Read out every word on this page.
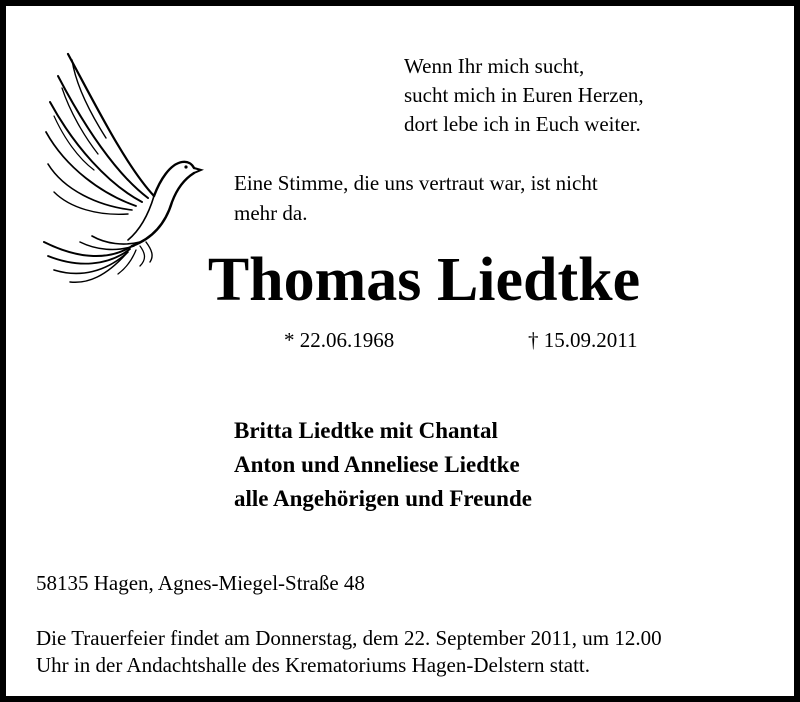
Wenn Ihr mich sucht,
sucht mich in Euren Herzen,
dort lebe ich in Euch weiter.
Eine Stimme, die uns vertraut war, ist nicht
mehr da.
Thomas Liedtke
* 22.06.1968	† 15.09.2011
Britta Liedtke mit Chantal
Anton und Anneliese Liedtke
alle Angehörigen und Freunde
58135 Hagen, Agnes-Miegel-Straße 48
Die Trauerfeier findet am Donnerstag, dem 22. September 2011, um 12.00
Uhr in der Andachtshalle des Krematoriums Hagen-Delstern statt.
